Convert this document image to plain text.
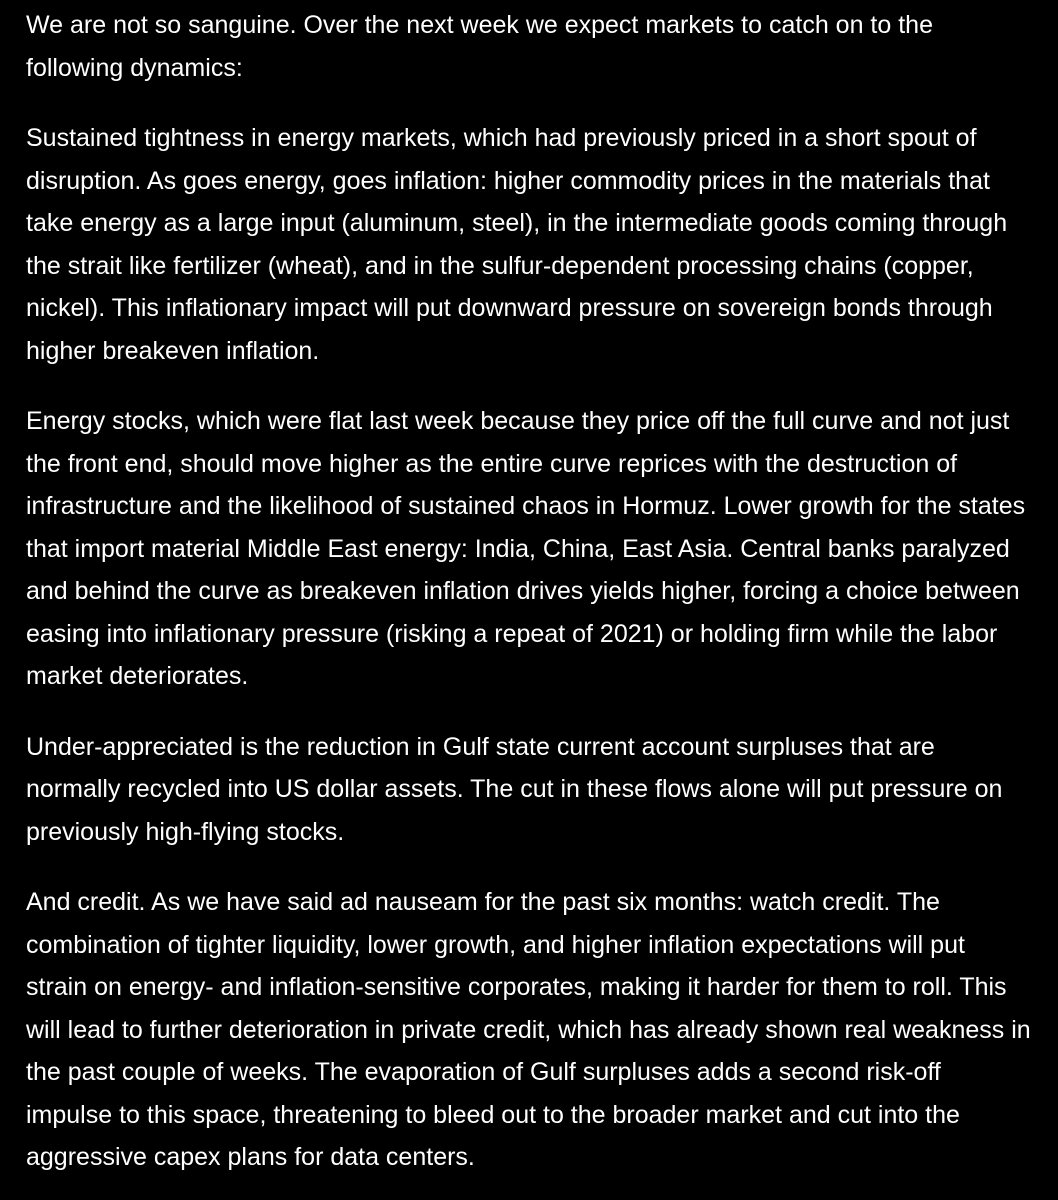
We are not so sanguine. Over the next week we expect markets to catch on to the following dynamics:

Sustained tightness in energy markets, which had previously priced in a short spout of disruption. As goes energy, goes inflation: higher commodity prices in the materials that take energy as a large input (aluminum, steel), in the intermediate goods coming through the strait like fertilizer (wheat), and in the sulfur-dependent processing chains (copper, nickel). This inflationary impact will put downward pressure on sovereign bonds through higher breakeven inflation.

Energy stocks, which were flat last week because they price off the full curve and not just the front end, should move higher as the entire curve reprices with the destruction of infrastructure and the likelihood of sustained chaos in Hormuz. Lower growth for the states that import material Middle East energy: India, China, East Asia. Central banks paralyzed and behind the curve as breakeven inflation drives yields higher, forcing a choice between easing into inflationary pressure (risking a repeat of 2021) or holding firm while the labor market deteriorates.

Under-appreciated is the reduction in Gulf state current account surpluses that are normally recycled into US dollar assets. The cut in these flows alone will put pressure on previously high-flying stocks.

And credit. As we have said ad nauseam for the past six months: watch credit. The combination of tighter liquidity, lower growth, and higher inflation expectations will put strain on energy- and inflation-sensitive corporates, making it harder for them to roll. This will lead to further deterioration in private credit, which has already shown real weakness in the past couple of weeks. The evaporation of Gulf surpluses adds a second risk-off impulse to this space, threatening to bleed out to the broader market and cut into the aggressive capex plans for data centers.
